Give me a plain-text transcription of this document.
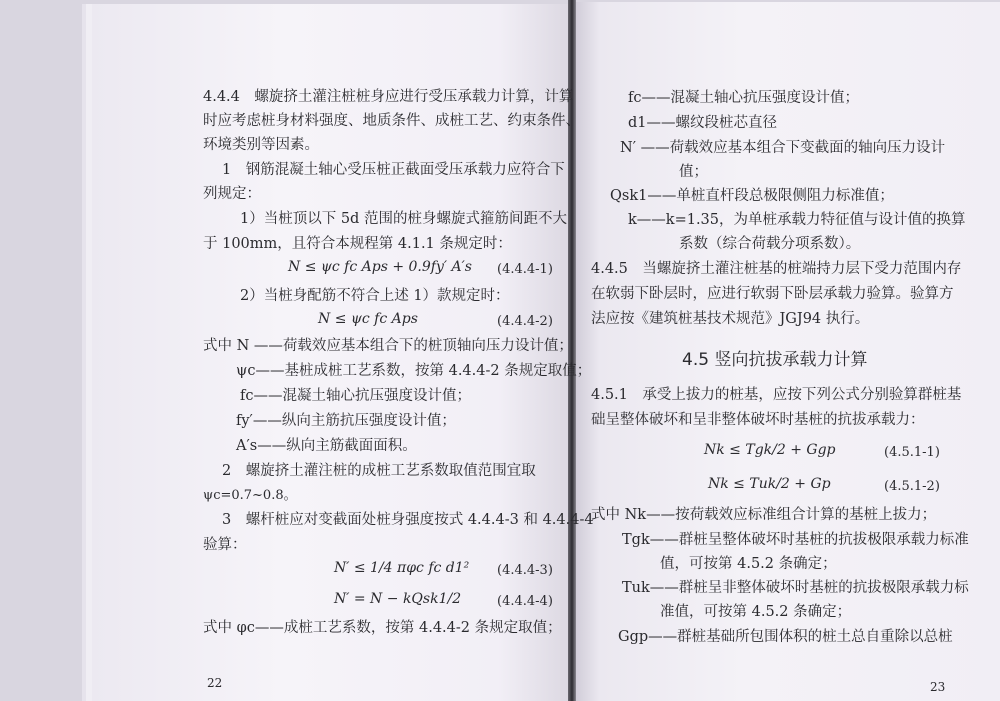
4.4.4　螺旋挤土灌注桩桩身应进行受压承载力计算，计算
时应考虑桩身材料强度、地质条件、成桩工艺、约束条件、
环境类别等因素。
1　钢筋混凝土轴心受压桩正截面受压承载力应符合下
列规定：
1）当桩顶以下 5d 范围的桩身螺旋式箍筋间距不大
于 100mm，且符合本规程第 4.1.1 条规定时：
N ≤ ψc fc Aps + 0.9fy′ A′s (4.4.4-1)
2）当桩身配筋不符合上述 1）款规定时：
N ≤ ψc fc Aps	(4.4.4-2)
式中 N ——荷载效应基本组合下的桩顶轴向压力设计值；
ψc——基桩成桩工艺系数，按第 4.4.4-2 条规定取值；
fc——混凝土轴心抗压强度设计值；
fy′——纵向主筋抗压强度设计值；
A′s——纵向主筋截面面积。
2　螺旋挤土灌注桩的成桩工艺系数取值范围宜取
ψc=0.7~0.8。
3　螺杆桩应对变截面处桩身强度按式 4.4.4-3 和 4.4.4-4
验算：
N′ ≤ 1/4 πφc fc d1² (4.4.4-3)
N′ = N − kQsk1/2	(4.4.4-4)
式中 φc——成桩工艺系数，按第 4.4.4-2 条规定取值；
22
fc——混凝土轴心抗压强度设计值；
d1——螺纹段桩芯直径
N′ ——荷载效应基本组合下变截面的轴向压力设计
值；
Qsk1——单桩直杆段总极限侧阻力标准值；
k——k=1.35，为单桩承载力特征值与设计值的换算
系数（综合荷载分项系数）。
4.4.5　当螺旋挤土灌注桩基的桩端持力层下受力范围内存
在软弱下卧层时，应进行软弱下卧层承载力验算。验算方
法应按《建筑桩基技术规范》JGJ94 执行。
4.5 竖向抗拔承载力计算
4.5.1　承受上拔力的桩基，应按下列公式分别验算群桩基
础呈整体破坏和呈非整体破坏时基桩的抗拔承载力：
Nk ≤ Tgk/2 + Ggp	(4.5.1-1)
Nk ≤ Tuk/2 + Gp	(4.5.1-2)
式中 Nk——按荷载效应标准组合计算的基桩上拔力；
Tgk——群桩呈整体破坏时基桩的抗拔极限承载力标准
值，可按第 4.5.2 条确定；
Tuk——群桩呈非整体破坏时基桩的抗拔极限承载力标
准值，可按第 4.5.2 条确定；
Ggp——群桩基础所包围体积的桩土总自重除以总桩
23
